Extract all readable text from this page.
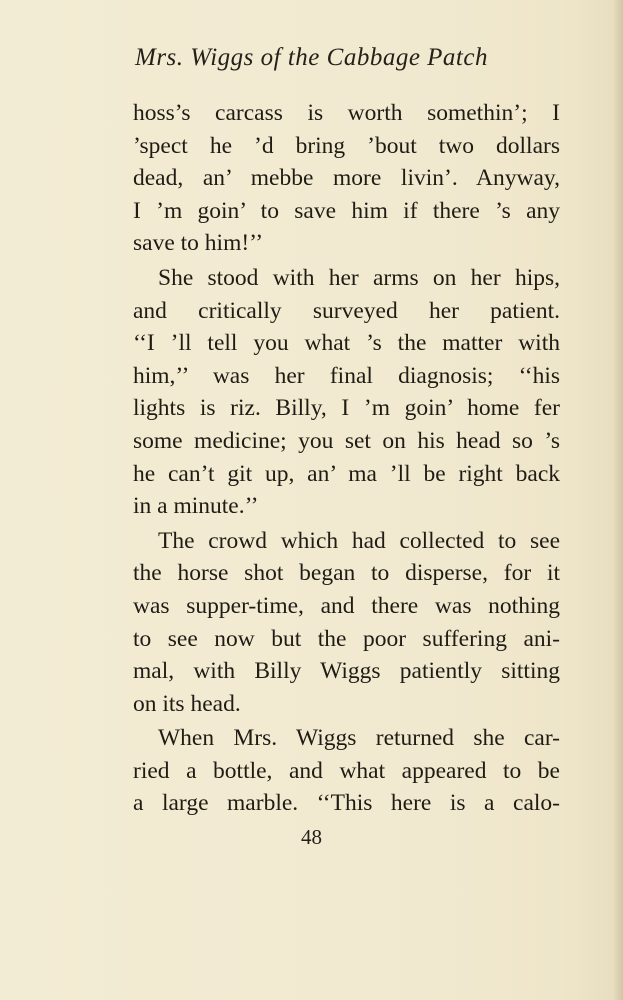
Mrs. Wiggs of the Cabbage Patch
hoss’s carcass is worth somethin’; I
’spect he ’d bring ’bout two dollars
dead, an’ mebbe more livin’. Anyway,
I ’m goin’ to save him if there ’s any
save to him!’’
She stood with her arms on her hips,
and critically surveyed her patient.
‘‘I ’ll tell you what ’s the matter with
him,’’ was her final diagnosis; ‘‘his
lights is riz. Billy, I ’m goin’ home fer
some medicine; you set on his head so ’s
he can’t git up, an’ ma ’ll be right back
in a minute.’’
The crowd which had collected to see
the horse shot began to disperse, for it
was supper-time, and there was nothing
to see now but the poor suffering ani-
mal, with Billy Wiggs patiently sitting
on its head.
When Mrs. Wiggs returned she car-
ried a bottle, and what appeared to be
a large marble. ‘‘This here is a calo-
48
